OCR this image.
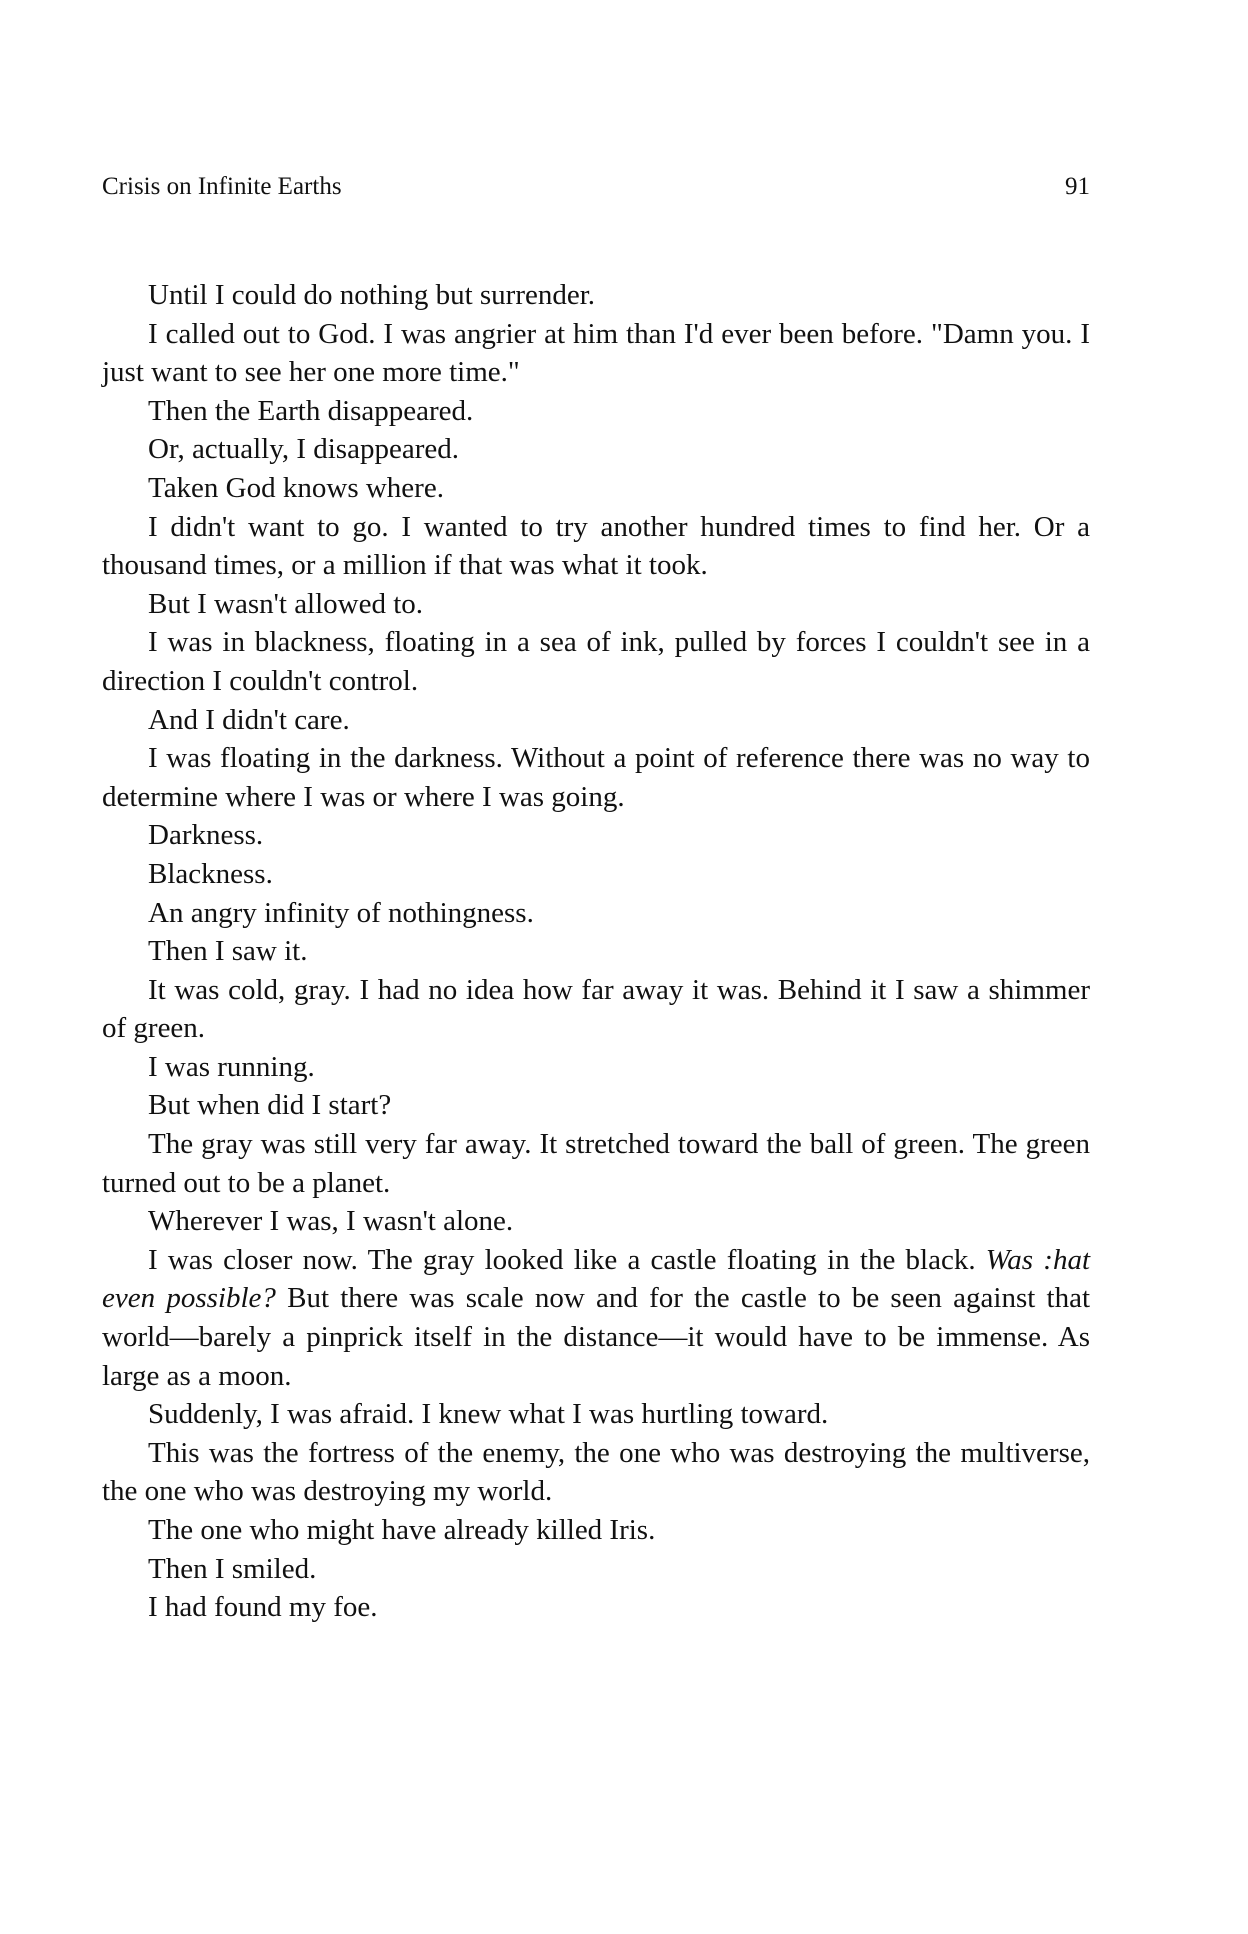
Crisis on Infinite Earths	91

Until I could do nothing but surrender.

I called out to God. I was angrier at him than I'd ever been before. "Damn you. I just want to see her one more time."

Then the Earth disappeared.

Or, actually, I disappeared.

Taken God knows where.

I didn't want to go. I wanted to try another hundred times to find her. Or a thousand times, or a million if that was what it took.

But I wasn't allowed to.

I was in blackness, floating in a sea of ink, pulled by forces I couldn't see in a direction I couldn't control.

And I didn't care.

I was floating in the darkness. Without a point of reference there was no way to determine where I was or where I was going.

Darkness.

Blackness.

An angry infinity of nothingness.

Then I saw it.

It was cold, gray. I had no idea how far away it was. Behind it I saw a shimmer of green.

I was running.

But when did I start?

The gray was still very far away. It stretched toward the ball of green. The green turned out to be a planet.

Wherever I was, I wasn't alone.

I was closer now. The gray looked like a castle floating in the black. Was :hat even possible? But there was scale now and for the castle to be seen against that world—barely a pinprick itself in the distance—it would have to be immense. As large as a moon.

Suddenly, I was afraid. I knew what I was hurtling toward.

This was the fortress of the enemy, the one who was destroying the multiverse, the one who was destroying my world.

The one who might have already killed Iris.

Then I smiled.

I had found my foe.
